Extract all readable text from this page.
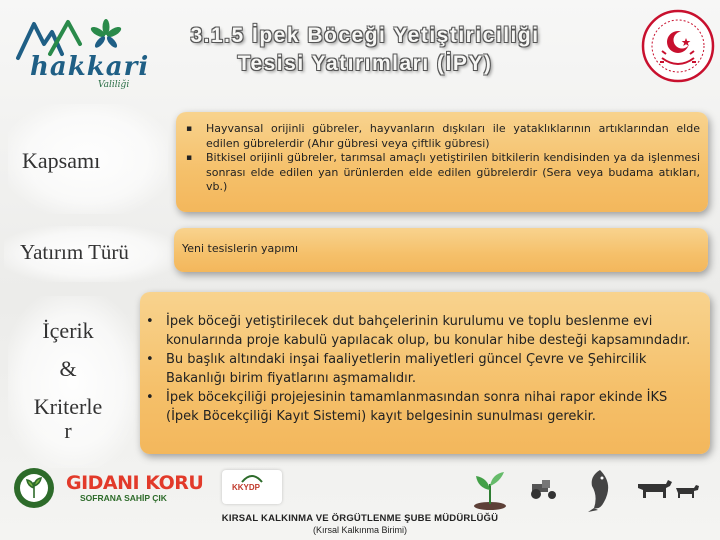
hakkari
Valiliği
3.1.5 İpek Böceği Yetiştiriciliği
Tesisi Yatırımları (İPY)
Kapsamı
▪ Hayvansal orijinli gübreler, hayvanların dışkıları ile yataklıklarının artıklarından elde edilen gübrelerdir (Ahır gübresi veya çiftlik gübresi)
▪ Bitkisel orijinli gübreler, tarımsal amaçlı yetiştirilen bitkilerin kendisinden ya da işlenmesi sonrası elde edilen yan ürünlerden elde edilen gübrelerdir (Sera veya budama atıkları, vb.)
Yatırım Türü	Yeni tesislerin yapımı
İçerik
&
Kriterle
r
• İpek böceği yetiştirilecek dut bahçelerinin kurulumu ve toplu beslenme evi konularında proje kabulü yapılacak olup, bu konular hibe desteği kapsamındadır.
• Bu başlık altındaki inşai faaliyetlerin maliyetleri güncel Çevre ve Şehircilik Bakanlığı birim fiyatlarını aşmamalıdır.
• İpek böcekçiliği projejesinin tamamlanmasından sonra nihai rapor ekinde İKS (İpek Böcekçiliği Kayıt Sistemi) kayıt belgesinin sunulması gerekir.
GIDANI KORU
SOFRANA SAHİP ÇIK
KKYDP
KIRSAL KALKINMA VE ÖRGÜTLENME ŞUBE MÜDÜRLÜĞÜ
(Kırsal Kalkınma Birimi)
